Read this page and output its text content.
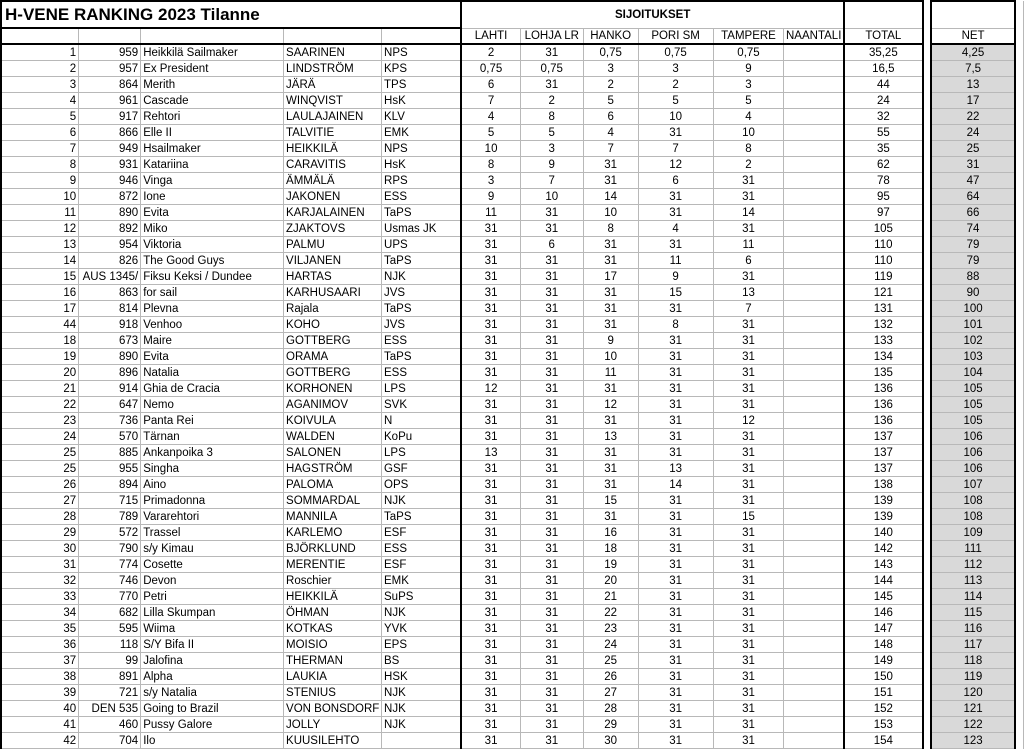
H-VENE RANKING 2023 Tilanne					SIJOITUKSET									
					LAHTI	LOHJA LR	HANKO	PORI SM	TAMPERE	NAANTALI	TOTAL		NET	
1	959	Heikkilä Sailmaker	SAARINEN	NPS	2	31	0,75	0,75	0,75		35,25		4,25	
2	957	Ex President	LINDSTRÖM	KPS	0,75	0,75	3	3	9		16,5		7,5	
3	864	Merith	JÄRÄ	TPS	6	31	2	2	3		44		13	
4	961	Cascade	WINQVIST	HsK	7	2	5	5	5		24		17	
5	917	Rehtori	LAULAJAINEN	KLV	4	8	6	10	4		32		22	
6	866	Elle II	TALVITIE	EMK	5	5	4	31	10		55		24	
7	949	Hsailmaker	HEIKKILÄ	NPS	10	3	7	7	8		35		25	
8	931	Katariina	CARAVITIS	HsK	8	9	31	12	2		62		31	
9	946	Vinga	ÄMMÄLÄ	RPS	3	7	31	6	31		78		47	
10	872	Ione	JAKONEN	ESS	9	10	14	31	31		95		64	
11	890	Evita	KARJALAINEN	TaPS	11	31	10	31	14		97		66	
12	892	Miko	ZJAKTOVS	Usmas JK	31	31	8	4	31		105		74	
13	954	Viktoria	PALMU	UPS	31	6	31	31	11		110		79	
14	826	The Good Guys	VILJANEN	TaPS	31	31	31	11	6		110		79	
15	AUS 1345/	Fiksu Keksi / Dundee	HARTAS	NJK	31	31	17	9	31		119		88	
16	863	for sail	KARHUSAARI	JVS	31	31	31	15	13		121		90	
17	814	Plevna	Rajala	TaPS	31	31	31	31	7		131		100	
44	918	Venhoo	KOHO	JVS	31	31	31	8	31		132		101	
18	673	Maire	GOTTBERG	ESS	31	31	9	31	31		133		102	
19	890	Evita	ORAMA	TaPS	31	31	10	31	31		134		103	
20	896	Natalia	GOTTBERG	ESS	31	31	11	31	31		135		104	
21	914	Ghia de Cracia	KORHONEN	LPS	12	31	31	31	31		136		105	
22	647	Nemo	AGANIMOV	SVK	31	31	12	31	31		136		105	
23	736	Panta Rei	KOIVULA	N	31	31	31	31	12		136		105	
24	570	Tärnan	WALDEN	KoPu	31	31	13	31	31		137		106	
25	885	Ankanpoika 3	SALONEN	LPS	13	31	31	31	31		137		106	
25	955	Singha	HAGSTRÖM	GSF	31	31	31	13	31		137		106	
26	894	Aino	PALOMA	OPS	31	31	31	14	31		138		107	
27	715	Primadonna	SOMMARDAL	NJK	31	31	15	31	31		139		108	
28	789	Vararehtori	MANNILA	TaPS	31	31	31	31	15		139		108	
29	572	Trassel	KARLEMO	ESF	31	31	16	31	31		140		109	
30	790	s/y Kimau	BJÖRKLUND	ESS	31	31	18	31	31		142		111	
31	774	Cosette	MERENTIE	ESF	31	31	19	31	31		143		112	
32	746	Devon	Roschier	EMK	31	31	20	31	31		144		113	
33	770	Petri	HEIKKILÄ	SuPS	31	31	21	31	31		145		114	
34	682	Lilla Skumpan	ÖHMAN	NJK	31	31	22	31	31		146		115	
35	595	Wiima	KOTKAS	YVK	31	31	23	31	31		147		116	
36	118	S/Y Bifa II	MOISIO	EPS	31	31	24	31	31		148		117	
37	99	Jalofina	THERMAN	BS	31	31	25	31	31		149		118	
38	891	Alpha	LAUKIA	HSK	31	31	26	31	31		150		119	
39	721	s/y Natalia	STENIUS	NJK	31	31	27	31	31		151		120	
40	DEN 535	Going to Brazil	VON BONSDORF	NJK	31	31	28	31	31		152		121	
41	460	Pussy Galore	JOLLY	NJK	31	31	29	31	31		153		122	
42	704	Ilo	KUUSILEHTO		31	31	30	31	31		154		123	
